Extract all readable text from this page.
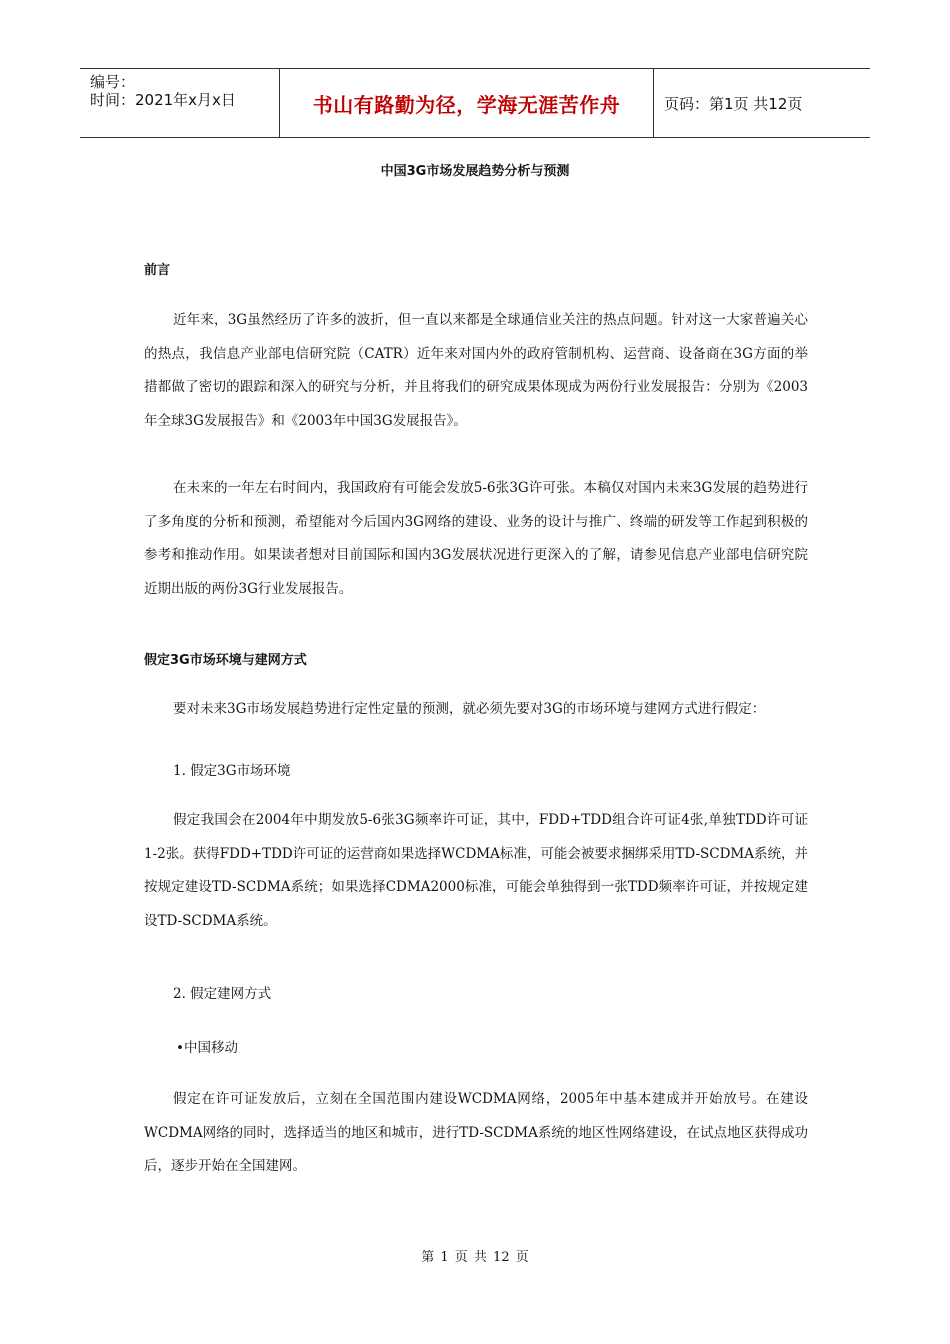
编号：
时间：2021年x月x日	书山有路勤为径，学海无涯苦作舟	页码：第1页 共12页
中国3G市场发展趋势分析与预测
前言

近年来，3G虽然经历了许多的波折，但一直以来都是全球通信业关注的热点问题。针对这一大家普遍关心的热点，我信息产业部电信研究院（CATR）近年来对国内外的政府管制机构、运营商、设备商在3G方面的举措都做了密切的跟踪和深入的研究与分析，并且将我们的研究成果体现成为两份行业发展报告：分别为《2003年全球3G发展报告》和《2003年中国3G发展报告》。

在未来的一年左右时间内，我国政府有可能会发放5-6张3G许可张。本稿仅对国内未来3G发展的趋势进行了多角度的分析和预测，希望能对今后国内3G网络的建设、业务的设计与推广、终端的研发等工作起到积极的参考和推动作用。如果读者想对目前国际和国内3G发展状况进行更深入的了解，请参见信息产业部电信研究院近期出版的两份3G行业发展报告。

假定3G市场环境与建网方式

要对未来3G市场发展趋势进行定性定量的预测，就必须先要对3G的市场环境与建网方式进行假定：

1. 假定3G市场环境

假定我国会在2004年中期发放5-6张3G频率许可证，其中，FDD+TDD组合许可证4张,单独TDD许可证1-2张。获得FDD+TDD许可证的运营商如果选择WCDMA标准，可能会被要求捆绑采用TD-SCDMA系统，并按规定建设TD-SCDMA系统；如果选择CDMA2000标准，可能会单独得到一张TDD频率许可证，并按规定建设TD-SCDMA系统。

2. 假定建网方式
•中国移动

假定在许可证发放后，立刻在全国范围内建设WCDMA网络，2005年中基本建成并开始放号。在建设WCDMA网络的同时，选择适当的地区和城市，进行TD-SCDMA系统的地区性网络建设，在试点地区获得成功后，逐步开始在全国建网。

第 1 页 共 12 页
